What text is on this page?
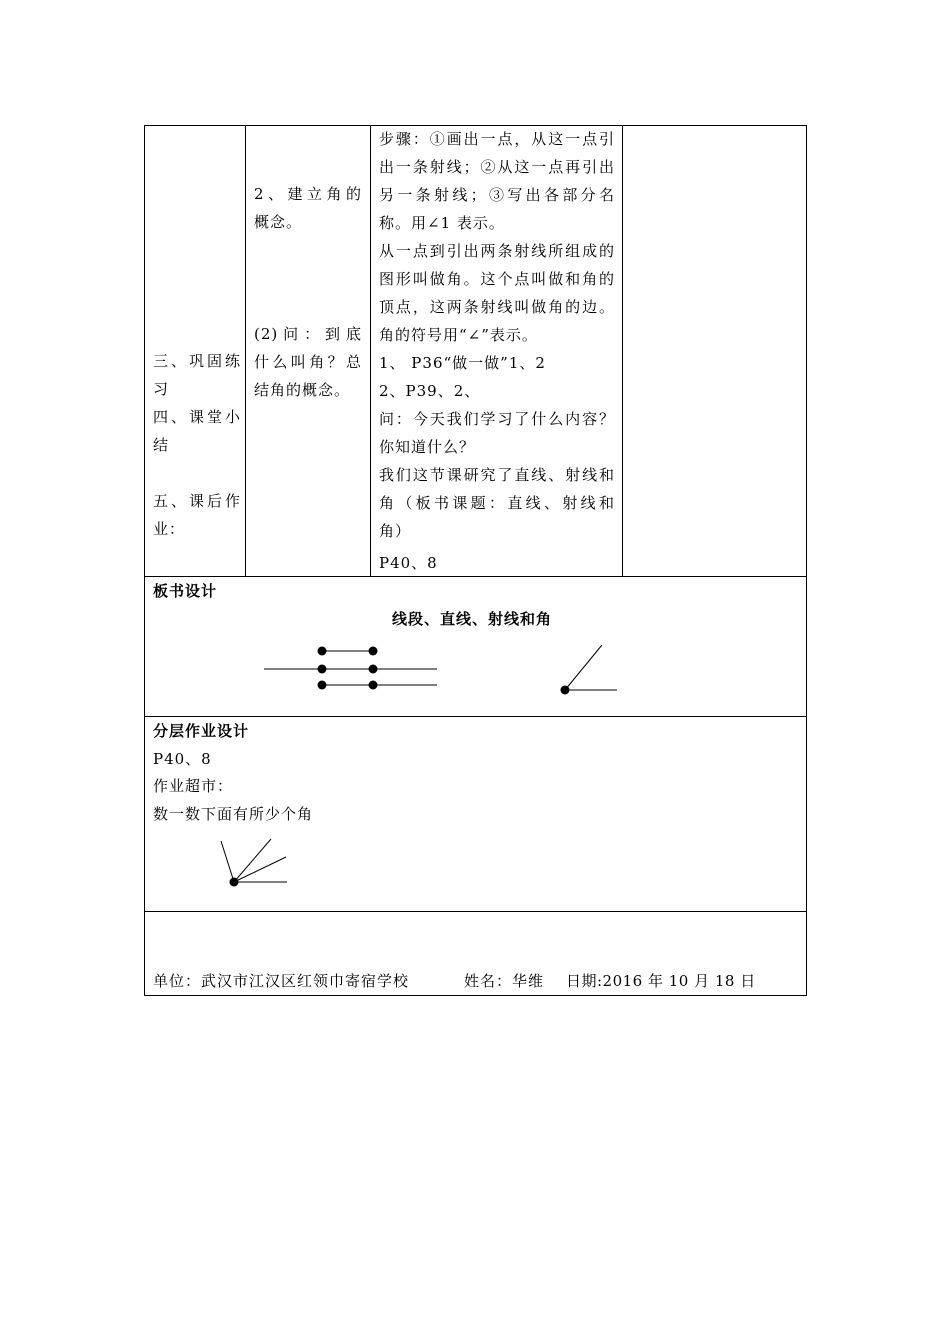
三、巩固练
习
四、课堂小
结
五、课后作
业：
2、建立角的
概念。
(2)问：到底
什么叫角？总
结角的概念。
步骤：①画出一点，从这一点引
出一条射线；②从这一点再引出
另一条射线；③写出各部分名
称。用∠1 表示。
从一点到引出两条射线所组成的
图形叫做角。这个点叫做和角的
顶点，这两条射线叫做角的边。
角的符号用“∠”表示。
1、 P36“做一做”1、2
2、P39、2、
问：今天我们学习了什么内容？
你知道什么？
我们这节课研究了直线、射线和
角（板书课题：直线、射线和
角）
P40、8
板书设计
线段、直线、射线和角
分层作业设计
P40、8
作业超市：
数一数下面有所少个角
单位：武汉市江汉区红领巾寄宿学校	姓名：华维 日期:2016 年 10 月 18 日
